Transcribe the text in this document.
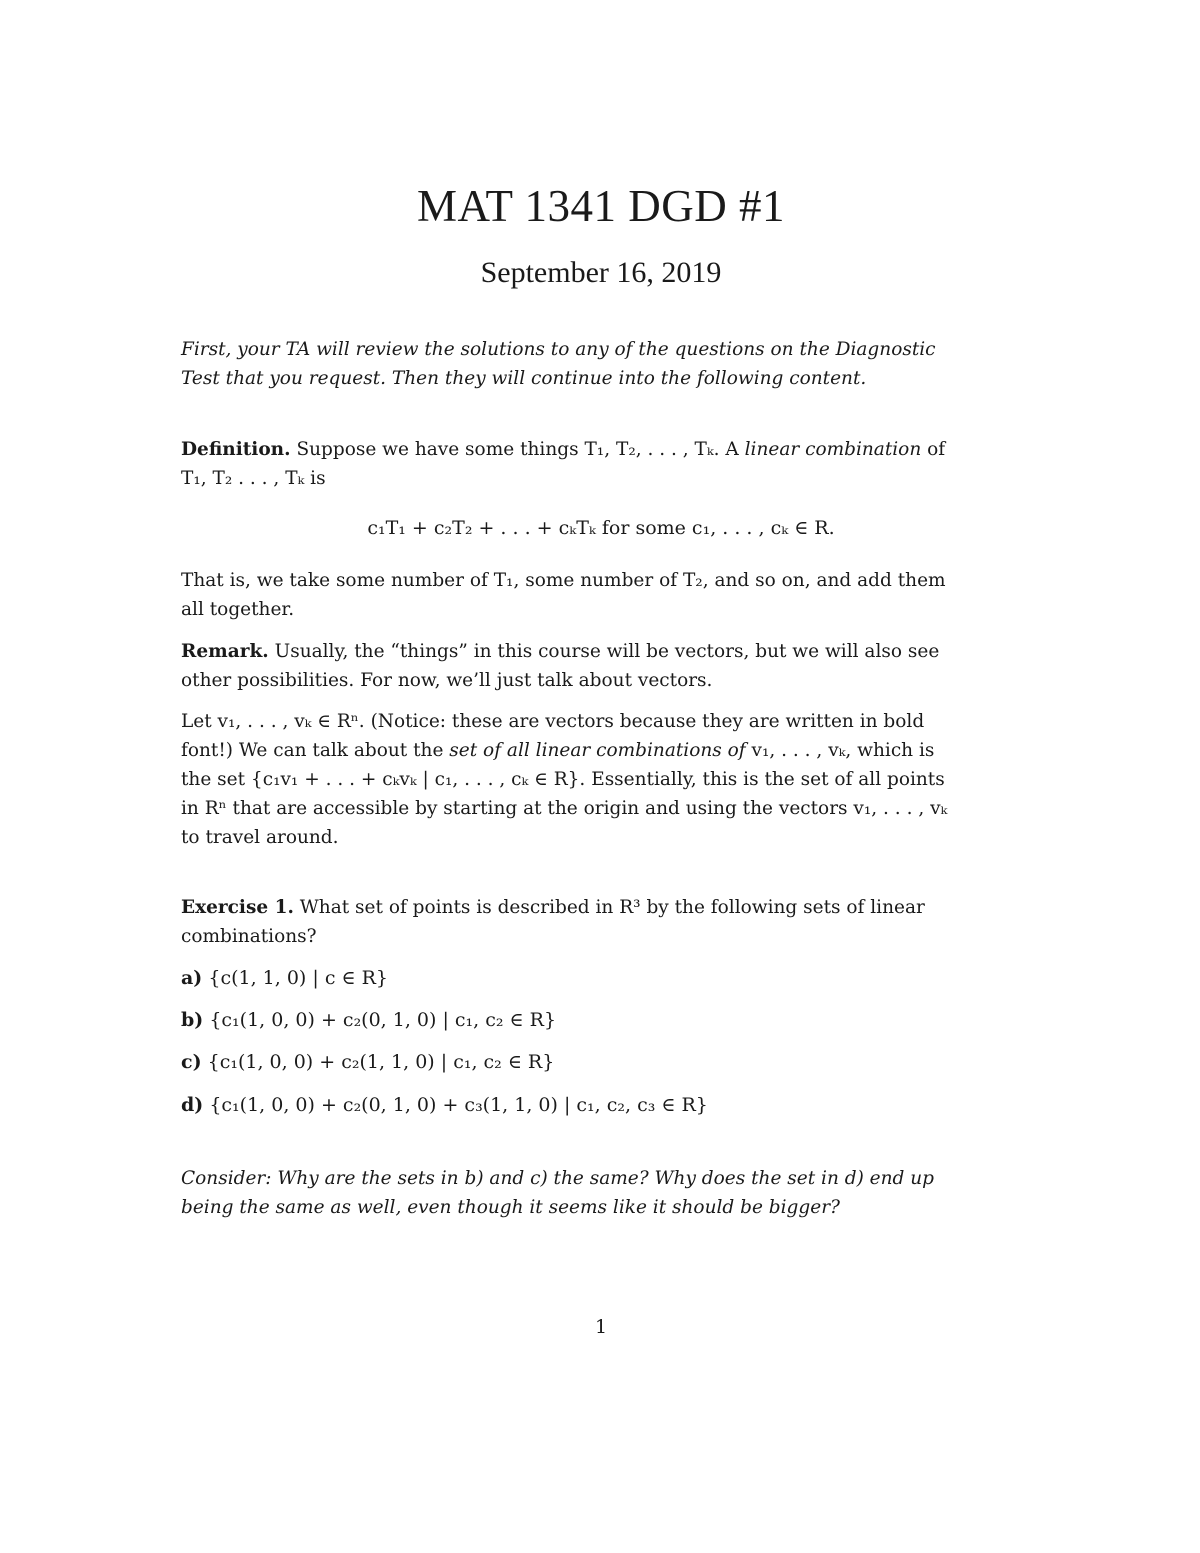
MAT 1341 DGD #1
September 16, 2019
First, your TA will review the solutions to any of the questions on the Diagnostic
Test that you request. Then they will continue into the following content.
Definition. Suppose we have some things T₁, T₂, . . . , Tₖ. A linear combination of
T₁, T₂ . . . , Tₖ is
c₁T₁ + c₂T₂ + . . . + cₖTₖ for some c₁, . . . , cₖ ∈ R.
That is, we take some number of T₁, some number of T₂, and so on, and add them
all together.
Remark. Usually, the “things” in this course will be vectors, but we will also see
other possibilities. For now, we’ll just talk about vectors.
Let v₁, . . . , vₖ ∈ Rⁿ. (Notice: these are vectors because they are written in bold
font!) We can talk about the set of all linear combinations of v₁, . . . , vₖ, which is
the set {c₁v₁ + . . . + cₖvₖ | c₁, . . . , cₖ ∈ R}. Essentially, this is the set of all points
in Rⁿ that are accessible by starting at the origin and using the vectors v₁, . . . , vₖ
to travel around.
Exercise 1. What set of points is described in R³ by the following sets of linear
combinations?
a) {c(1, 1, 0) | c ∈ R}
b) {c₁(1, 0, 0) + c₂(0, 1, 0) | c₁, c₂ ∈ R}
c) {c₁(1, 0, 0) + c₂(1, 1, 0) | c₁, c₂ ∈ R}
d) {c₁(1, 0, 0) + c₂(0, 1, 0) + c₃(1, 1, 0) | c₁, c₂, c₃ ∈ R}
Consider: Why are the sets in b) and c) the same? Why does the set in d) end up
being the same as well, even though it seems like it should be bigger?
1
